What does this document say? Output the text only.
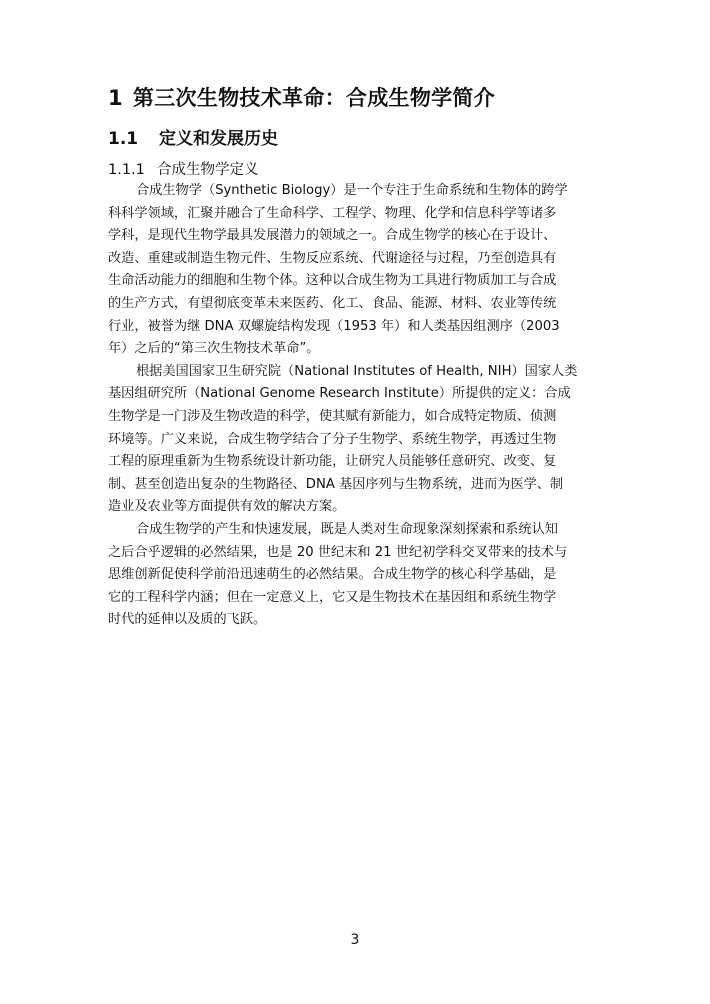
1 第三次生物技术革命：合成生物学简介
1.1 定义和发展历史
1.1.1 合成生物学定义
合成生物学（Synthetic Biology）是一个专注于生命系统和生物体的跨学
科科学领域，汇聚并融合了生命科学、工程学、物理、化学和信息科学等诸多
学科，是现代生物学最具发展潜力的领域之一。合成生物学的核心在于设计、
改造、重建或制造生物元件、生物反应系统、代谢途径与过程，乃至创造具有
生命活动能力的细胞和生物个体。这种以合成生物为工具进行物质加工与合成
的生产方式，有望彻底变革未来医药、化工、食品、能源、材料、农业等传统
行业，被誉为继 DNA 双螺旋结构发现（1953 年）和人类基因组测序（2003
年）之后的“第三次生物技术革命”。
根据美国国家卫生研究院（National Institutes of Health, NIH）国家人类
基因组研究所（National Genome Research Institute）所提供的定义：合成
生物学是一门涉及生物改造的科学，使其赋有新能力，如合成特定物质、侦测
环境等。广义来说，合成生物学结合了分子生物学、系统生物学，再透过生物
工程的原理重新为生物系统设计新功能，让研究人员能够任意研究、改变、复
制、甚至创造出复杂的生物路径、DNA 基因序列与生物系统，进而为医学、制
造业及农业等方面提供有效的解决方案。
合成生物学的产生和快速发展，既是人类对生命现象深刻探索和系统认知
之后合乎逻辑的必然结果，也是 20 世纪末和 21 世纪初学科交叉带来的技术与
思维创新促使科学前沿迅速萌生的必然结果。合成生物学的核心科学基础，是
它的工程科学内涵；但在一定意义上，它又是生物技术在基因组和系统生物学
时代的延伸以及质的飞跃。
3
